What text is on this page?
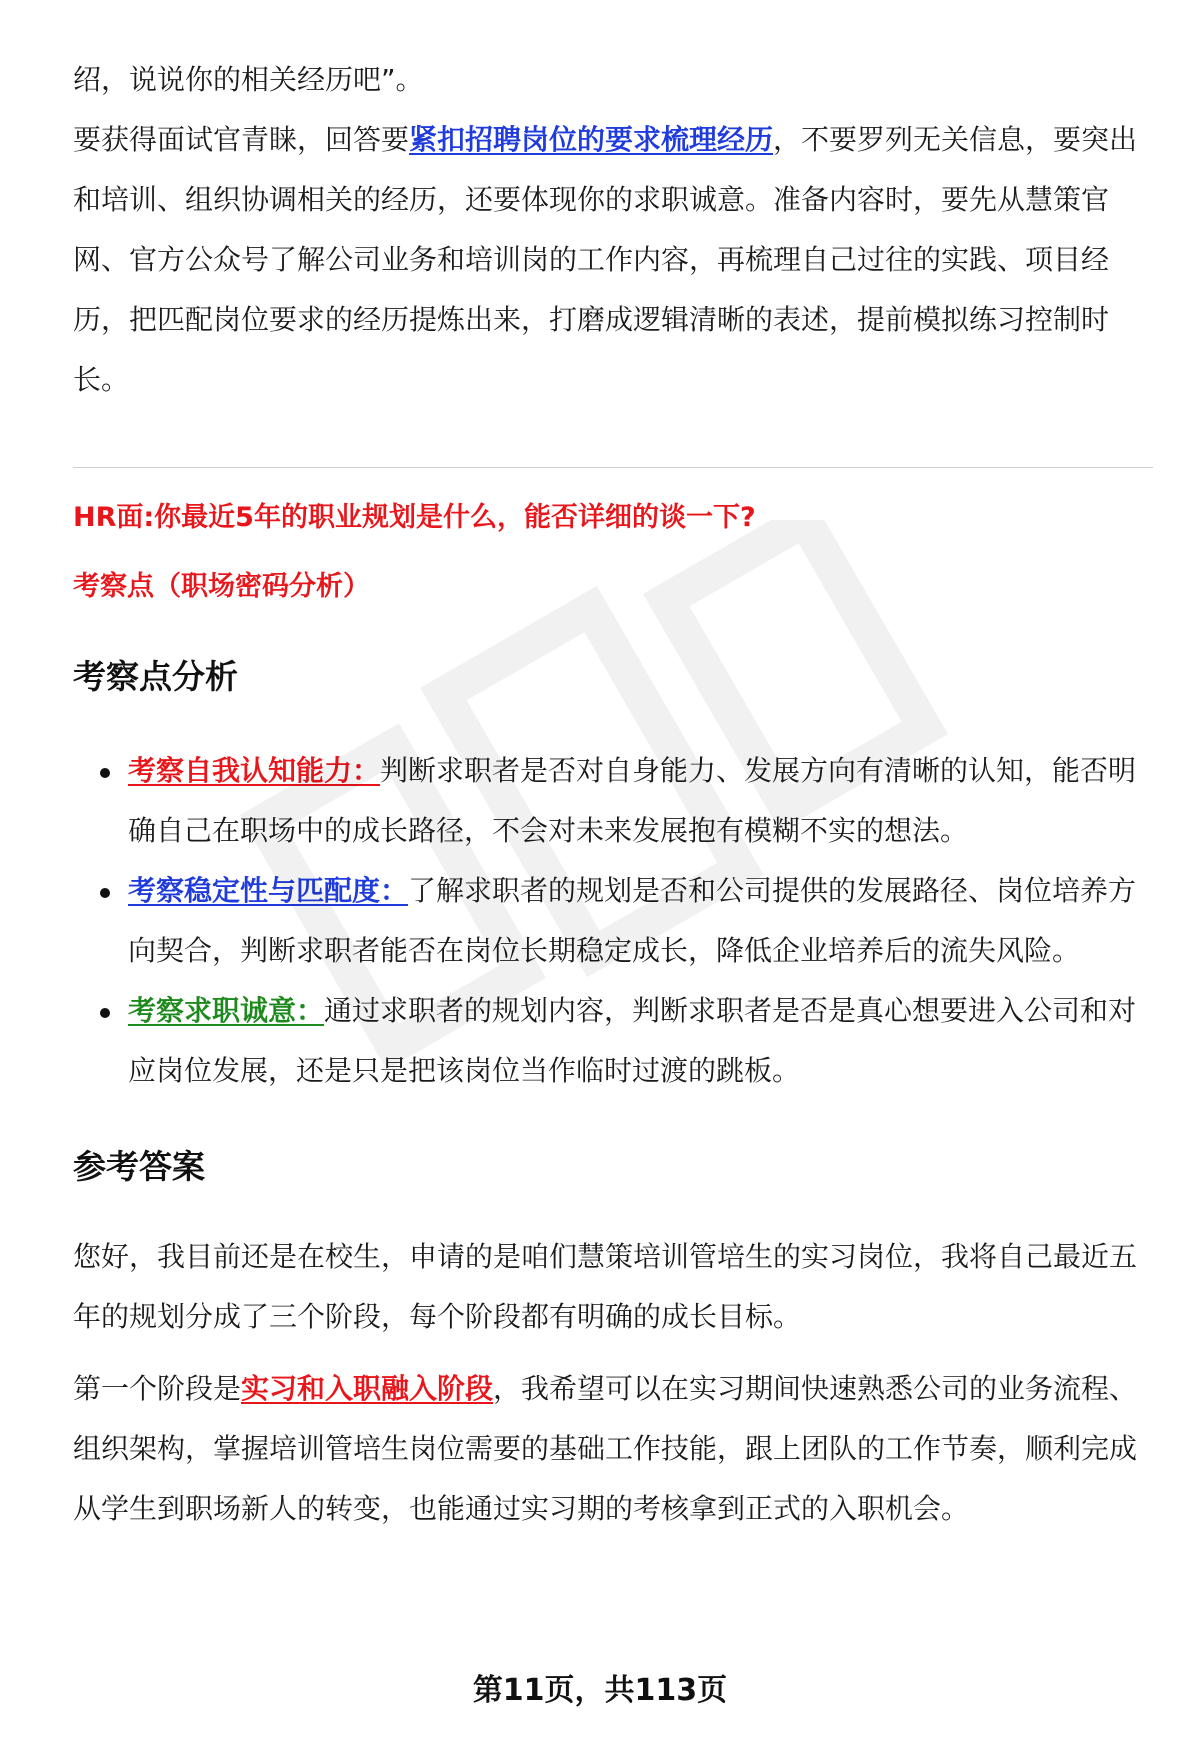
绍，说说你的相关经历吧”。

要获得面试官青睐，回答要紧扣招聘岗位的要求梳理经历，不要罗列无关信息，要突出和培训、组织协调相关的经历，还要体现你的求职诚意。准备内容时，要先从慧策官网、官方公众号了解公司业务和培训岗的工作内容，再梳理自己过往的实践、项目经历，把匹配岗位要求的经历提炼出来，打磨成逻辑清晰的表述，提前模拟练习控制时长。

HR面:你最近5年的职业规划是什么，能否详细的谈一下?
考察点（职场密码分析）
考察点分析
考察自我认知能力：判断求职者是否对自身能力、发展方向有清晰的认知，能否明确自己在职场中的成长路径，不会对未来发展抱有模糊不实的想法。
考察稳定性与匹配度：了解求职者的规划是否和公司提供的发展路径、岗位培养方向契合，判断求职者能否在岗位长期稳定成长，降低企业培养后的流失风险。
考察求职诚意：通过求职者的规划内容，判断求职者是否是真心想要进入公司和对应岗位发展，还是只是把该岗位当作临时过渡的跳板。
参考答案

您好，我目前还是在校生，申请的是咱们慧策培训管培生的实习岗位，我将自己最近五年的规划分成了三个阶段，每个阶段都有明确的成长目标。

第一个阶段是实习和入职融入阶段，我希望可以在实习期间快速熟悉公司的业务流程、组织架构，掌握培训管培生岗位需要的基础工作技能，跟上团队的工作节奏，顺利完成从学生到职场新人的转变，也能通过实习期的考核拿到正式的入职机会。

第11页，共113页
